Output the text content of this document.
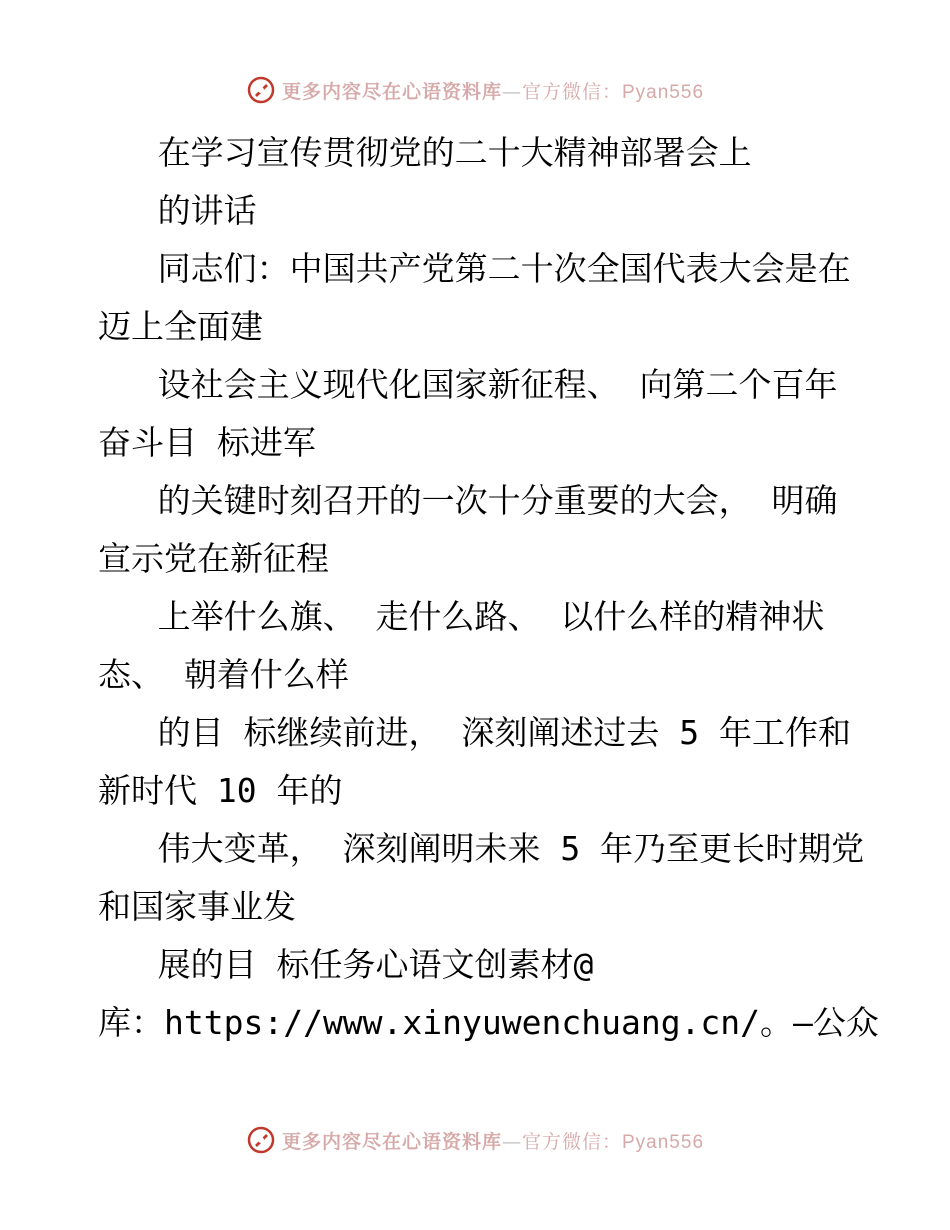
更多内容尽在心语资料库—官方微信：Pyan556
在学习宣传贯彻党的二十大精神部署会上
的讲话
同志们：中国共产党第二十次全国代表大会是在
迈上全面建
设社会主义现代化国家新征程、 向第二个百年
奋斗目 标进军
的关键时刻召开的一次十分重要的大会， 明确
宣示党在新征程
上举什么旗、 走什么路、 以什么样的精神状
态、 朝着什么样
的目 标继续前进， 深刻阐述过去 5 年工作和
新时代 10 年的
伟大变革， 深刻阐明未来 5 年乃至更长时期党
和国家事业发
展的目 标任务心语文创素材@
库：https://www.xinyuwenchuang.cn/。—公众
更多内容尽在心语资料库—官方微信：Pyan556
